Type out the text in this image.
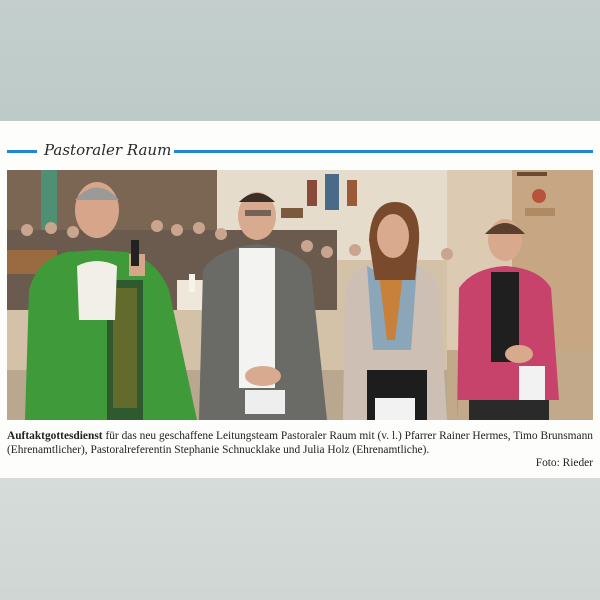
Pastoraler Raum
Auftaktgottesdienst für das neu geschaffene Leitungsteam Pastoraler Raum mit (v. l.) Pfarrer Rainer Hermes, Timo Brunsmann (Ehrenamtlicher), Pastoralreferentin Stephanie Schnucklake und Julia Holz (Ehrenamtliche).
Foto: Rieder
